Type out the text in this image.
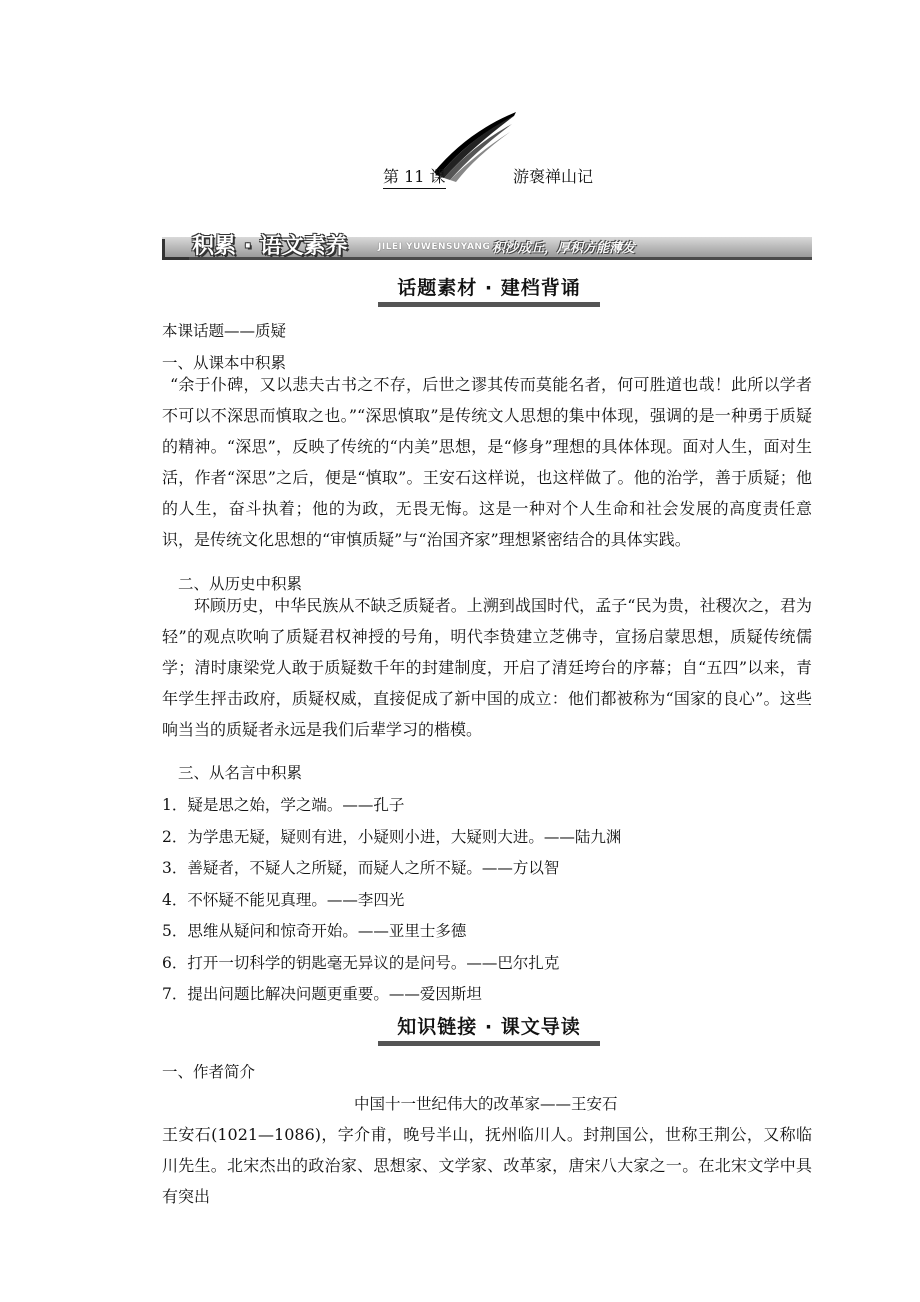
第 11 课	游褒禅山记
积累 · 语文素养	JILEI YUWENSUYANG 积沙成丘，厚积方能薄发
话题素材 · 建档背诵
本课话题——质疑
一、从课本中积累

“余于仆碑，又以悲夫古书之不存，后世之谬其传而莫能名者，何可胜道也哉！此所以学者不可以不深思而慎取之也。”“深思慎取”是传统文人思想的集中体现，强调的是一种勇于质疑的精神。“深思”，反映了传统的“内美”思想，是“修身”理想的具体体现。面对人生，面对生活，作者“深思”之后，便是“慎取”。王安石这样说，也这样做了。他的治学，善于质疑；他的人生，奋斗执着；他的为政，无畏无悔。这是一种对个人生命和社会发展的高度责任意识，是传统文化思想的“审慎质疑”与“治国齐家”理想紧密结合的具体实践。

二、从历史中积累

环顾历史，中华民族从不缺乏质疑者。上溯到战国时代，孟子“民为贵，社稷次之，君为轻”的观点吹响了质疑君权神授的号角，明代李贽建立芝佛寺，宣扬启蒙思想，质疑传统儒学；清时康梁党人敢于质疑数千年的封建制度，开启了清廷垮台的序幕；自“五四”以来，青年学生抨击政府，质疑权威，直接促成了新中国的成立：他们都被称为“国家的良心”。这些响当当的质疑者永远是我们后辈学习的楷模。

三、从名言中积累
1．疑是思之始，学之端。——孔子
2．为学患无疑，疑则有进，小疑则小进，大疑则大进。——陆九渊
3．善疑者，不疑人之所疑，而疑人之所不疑。——方以智
4．不怀疑不能见真理。——李四光
5．思维从疑问和惊奇开始。——亚里士多德
6．打开一切科学的钥匙毫无异议的是问号。——巴尔扎克
7．提出问题比解决问题更重要。——爱因斯坦
知识链接 · 课文导读
一、作者简介
中国十一世纪伟大的改革家——王安石

王安石(1021—1086)，字介甫，晚号半山，抚州临川人。封荆国公，世称王荆公，又称临川先生。北宋杰出的政治家、思想家、文学家、改革家，唐宋八大家之一。在北宋文学中具有突出
